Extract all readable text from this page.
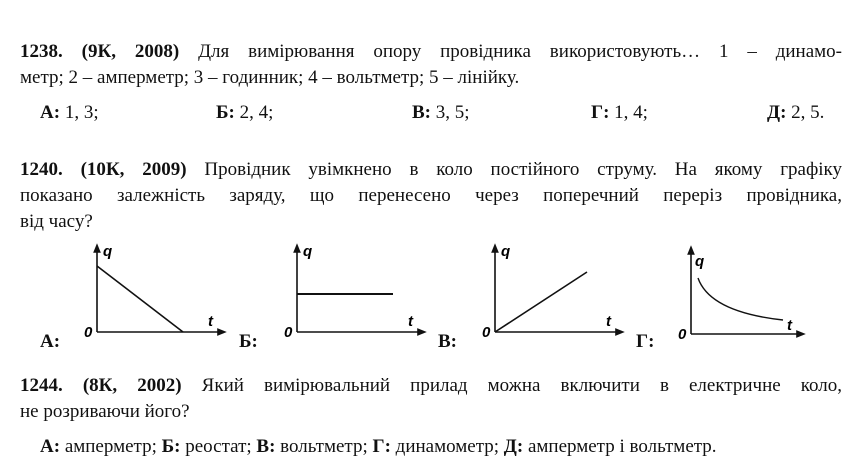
1238. (9К, 2008) Для вимірювання опору провідника використовують… 1 – динамо-
метр; 2 – амперметр; 3 – годинник; 4 – вольтметр; 5 – лінійку.
А: 1, 3;	Б: 2, 4;	В: 3, 5;	Г: 1, 4;	Д: 2, 5.
1240. (10К, 2009) Провідник увімкнено в коло постійного струму. На якому графіку
показано залежність заряду, що перенесено через поперечний переріз провідника,
від часу?
А:
q
t
0	Б:
q
t
0	В:
q
t
0	Г:
q
t
0
1244. (8К, 2002) Який вимірювальний прилад можна включити в електричне коло,
не розриваючи його?
А: амперметр; Б: реостат; В: вольтметр; Г: динамометр; Д: амперметр і вольтметр.
